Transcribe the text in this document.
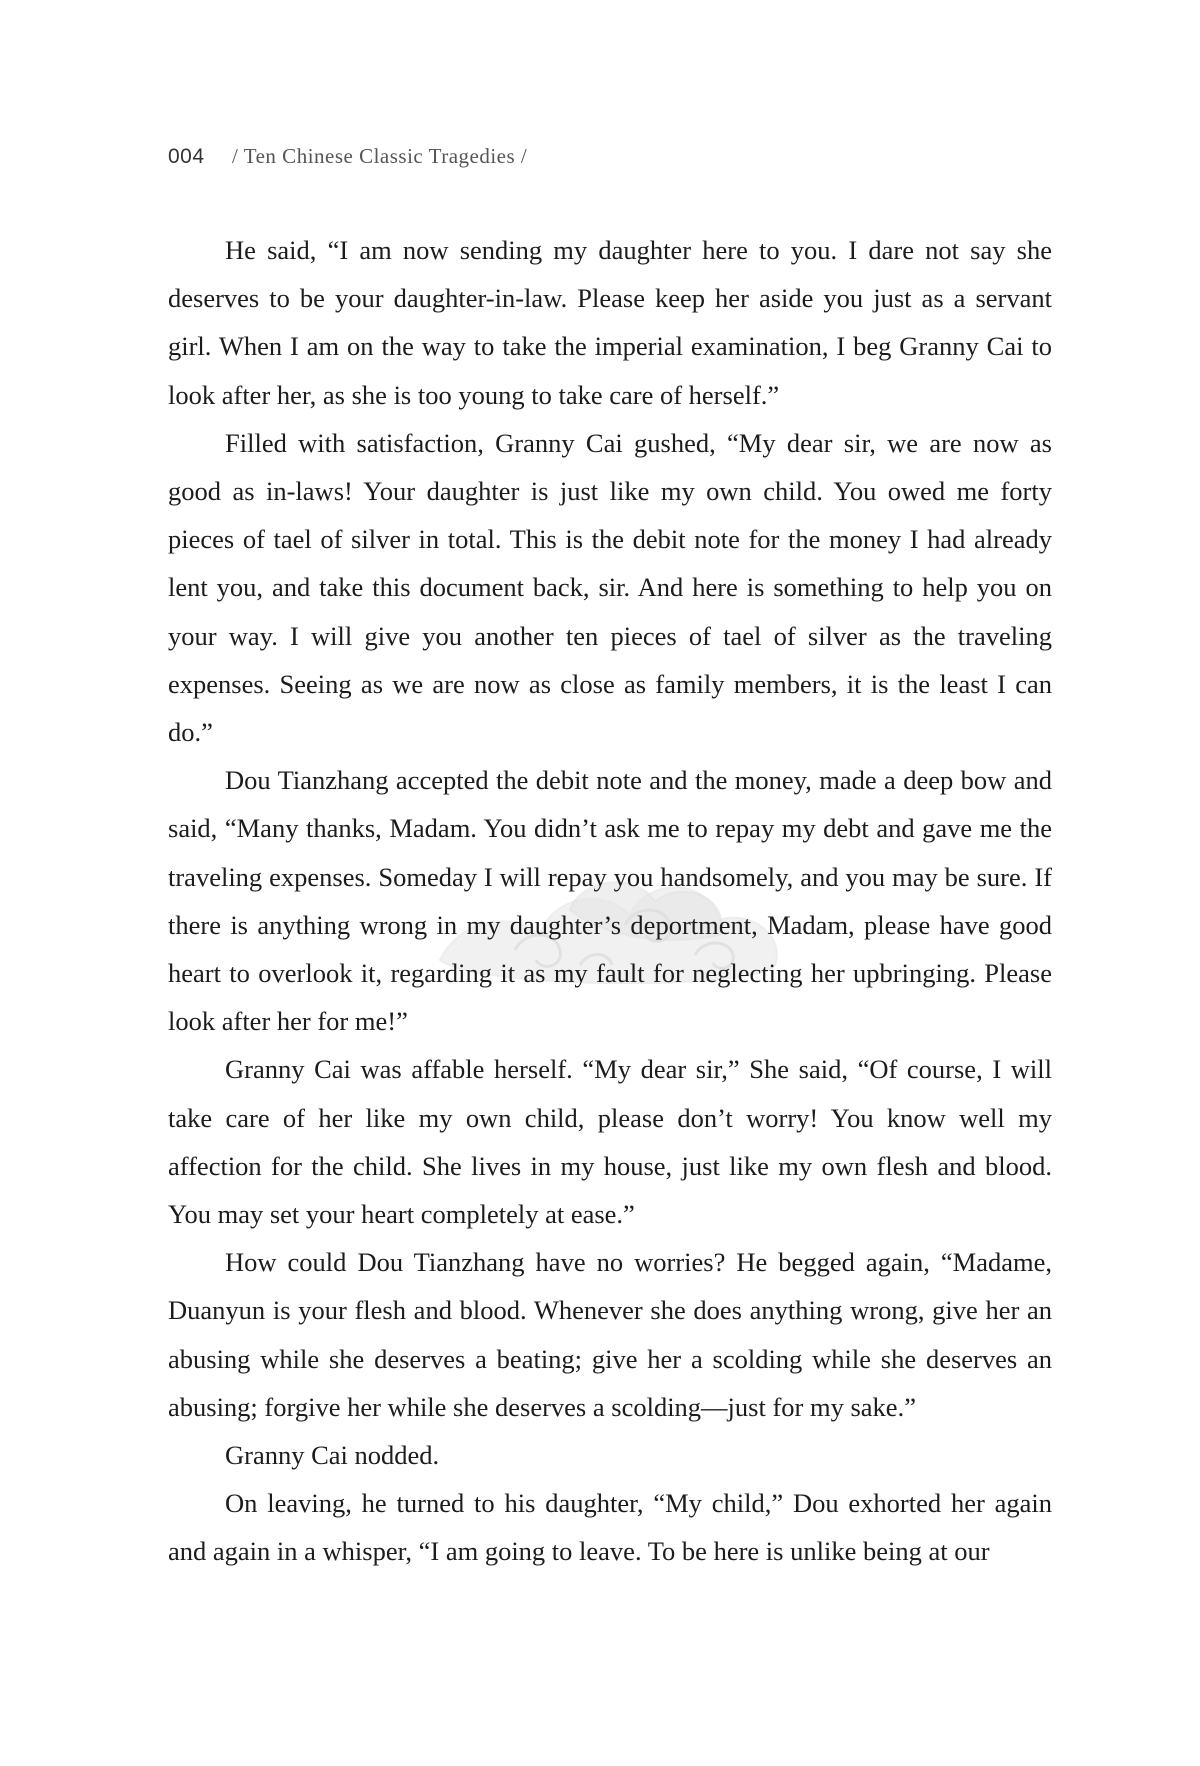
004 / Ten Chinese Classic Tragedies /

He said, “I am now sending my daughter here to you. I dare not say she deserves to be your daughter-in-law. Please keep her aside you just as a servant girl. When I am on the way to take the imperial examination, I beg Granny Cai to look after her, as she is too young to take care of herself.”

Filled with satisfaction, Granny Cai gushed, “My dear sir, we are now as good as in-laws! Your daughter is just like my own child. You owed me forty pieces of tael of silver in total. This is the debit note for the money I had already lent you, and take this document back, sir. And here is something to help you on your way. I will give you another ten pieces of tael of silver as the traveling expenses. Seeing as we are now as close as family members, it is the least I can do.”

Dou Tianzhang accepted the debit note and the money, made a deep bow and said, “Many thanks, Madam. You didn’t ask me to repay my debt and gave me the traveling expenses. Someday I will repay you handsomely, and you may be sure. If there is anything wrong in my daughter’s deportment, Madam, please have good heart to overlook it, regarding it as my fault for neglecting her upbringing. Please look after her for me!”

Granny Cai was affable herself. “My dear sir,” She said, “Of course, I will take care of her like my own child, please don’t worry! You know well my affection for the child. She lives in my house, just like my own flesh and blood. You may set your heart completely at ease.”

How could Dou Tianzhang have no worries? He begged again, “Madame, Duanyun is your flesh and blood. Whenever she does anything wrong, give her an abusing while she deserves a beating; give her a scolding while she deserves an abusing; forgive her while she deserves a scolding—just for my sake.”

Granny Cai nodded.

On leaving, he turned to his daughter, “My child,” Dou exhorted her again and again in a whisper, “I am going to leave. To be here is unlike being at our
